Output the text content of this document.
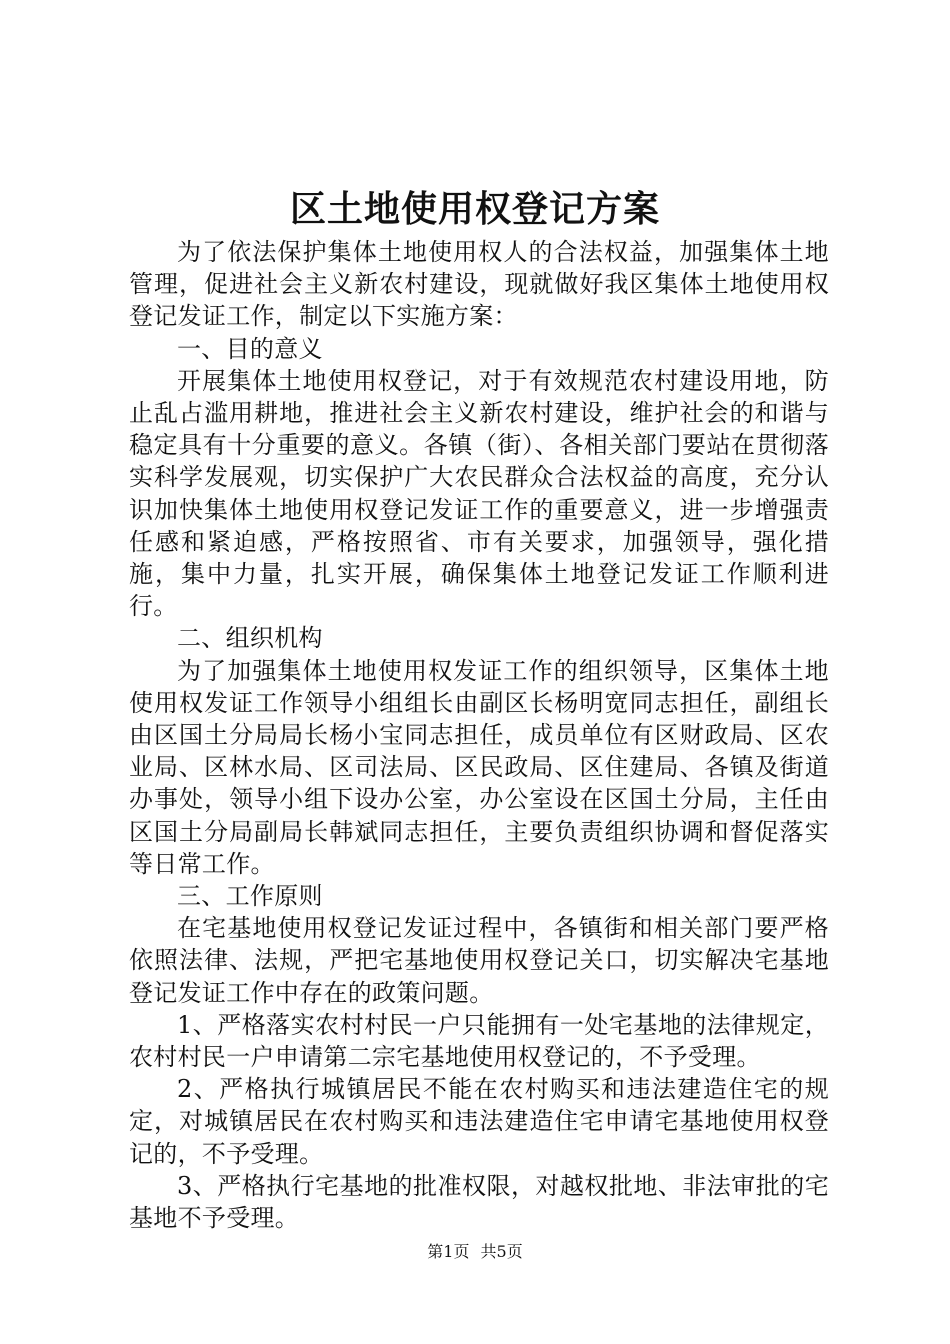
区土地使用权登记方案

为了依法保护集体土地使用权人的合法权益，加强集体土地管理，促进社会主义新农村建设，现就做好我区集体土地使用权登记发证工作，制定以下实施方案：

一、目的意义

开展集体土地使用权登记，对于有效规范农村建设用地，防止乱占滥用耕地，推进社会主义新农村建设，维护社会的和谐与稳定具有十分重要的意义。各镇（街）、各相关部门要站在贯彻落实科学发展观，切实保护广大农民群众合法权益的高度，充分认识加快集体土地使用权登记发证工作的重要意义，进一步增强责任感和紧迫感，严格按照省、市有关要求，加强领导，强化措施，集中力量，扎实开展，确保集体土地登记发证工作顺利进行。

二、组织机构

为了加强集体土地使用权发证工作的组织领导，区集体土地使用权发证工作领导小组组长由副区长杨明宽同志担任，副组长由区国土分局局长杨小宝同志担任，成员单位有区财政局、区农业局、区林水局、区司法局、区民政局、区住建局、各镇及街道办事处，领导小组下设办公室，办公室设在区国土分局，主任由区国土分局副局长韩斌同志担任，主要负责组织协调和督促落实等日常工作。

三、工作原则

在宅基地使用权登记发证过程中，各镇街和相关部门要严格依照法律、法规，严把宅基地使用权登记关口，切实解决宅基地登记发证工作中存在的政策问题。

1、严格落实农村村民一户只能拥有一处宅基地的法律规定，农村村民一户申请第二宗宅基地使用权登记的，不予受理。

2、严格执行城镇居民不能在农村购买和违法建造住宅的规定，对城镇居民在农村购买和违法建造住宅申请宅基地使用权登记的，不予受理。

3、严格执行宅基地的批准权限，对越权批地、非法审批的宅基地不予受理。

第1页 共5页
